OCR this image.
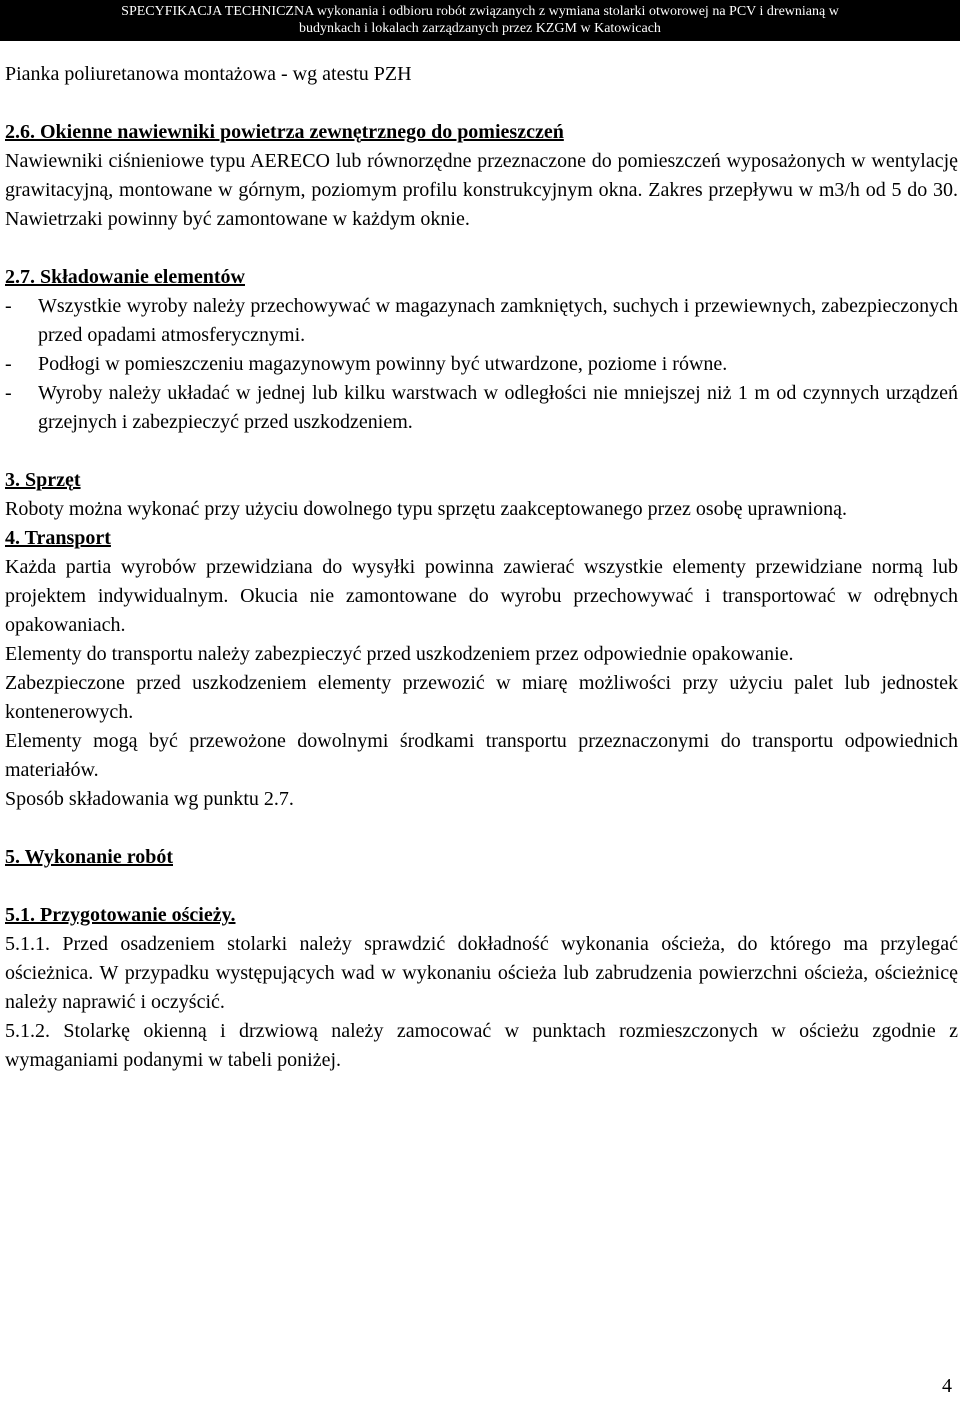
SPECYFIKACJA TECHNICZNA wykonania i odbioru robót związanych z wymiana stolarki otworowej na PCV i drewnianą w
budynkach i lokalach zarządzanych przez KZGM w Katowicach

Pianka poliuretanowa montażowa - wg atestu PZH

2.6. Okienne nawiewniki powietrza zewnętrznego do pomieszczeń

Nawiewniki ciśnieniowe typu AERECO lub równorzędne przeznaczone do pomieszczeń wyposażonych w wentylację grawitacyjną, montowane w górnym, poziomym profilu konstrukcyjnym okna. Zakres przepływu w m3/h od 5 do 30. Nawietrzaki powinny być zamontowane w każdym oknie.

2.7. Składowanie elementów

-	Wszystkie wyroby należy przechowywać w magazynach zamkniętych, suchych i przewiewnych, zabezpieczonych przed opadami atmosferycznymi.
-	Podłogi w pomieszczeniu magazynowym powinny być utwardzone, poziome i równe.
-	Wyroby należy układać w jednej lub kilku warstwach w odległości nie mniejszej niż 1 m od czynnych urządzeń grzejnych i zabezpieczyć przed uszkodzeniem.

3. Sprzęt

Roboty można wykonać przy użyciu dowolnego typu sprzętu zaakceptowanego przez osobę uprawnioną.

4. Transport

Każda partia wyrobów przewidziana do wysyłki powinna zawierać wszystkie elementy przewidziane normą lub projektem indywidualnym. Okucia nie zamontowane do wyrobu przechowywać i transportować w odrębnych opakowaniach.

Elementy do transportu należy zabezpieczyć przed uszkodzeniem przez odpowiednie opakowanie.

Zabezpieczone przed uszkodzeniem elementy przewozić w miarę możliwości przy użyciu palet lub jednostek kontenerowych.

Elementy mogą być przewożone dowolnymi środkami transportu przeznaczonymi do transportu odpowiednich materiałów.

Sposób składowania wg punktu 2.7.

5. Wykonanie robót

5.1. Przygotowanie ościeży.

5.1.1. Przed osadzeniem stolarki należy sprawdzić dokładność wykonania ościeża, do którego ma przylegać ościeżnica. W przypadku występujących wad w wykonaniu ościeża lub zabrudzenia powierzchni ościeża, ościeżnicę należy naprawić i oczyścić.

5.1.2. Stolarkę okienną i drzwiową należy zamocować w punktach rozmieszczonych w ościeżu zgodnie z wymaganiami podanymi w tabeli poniżej.

4
